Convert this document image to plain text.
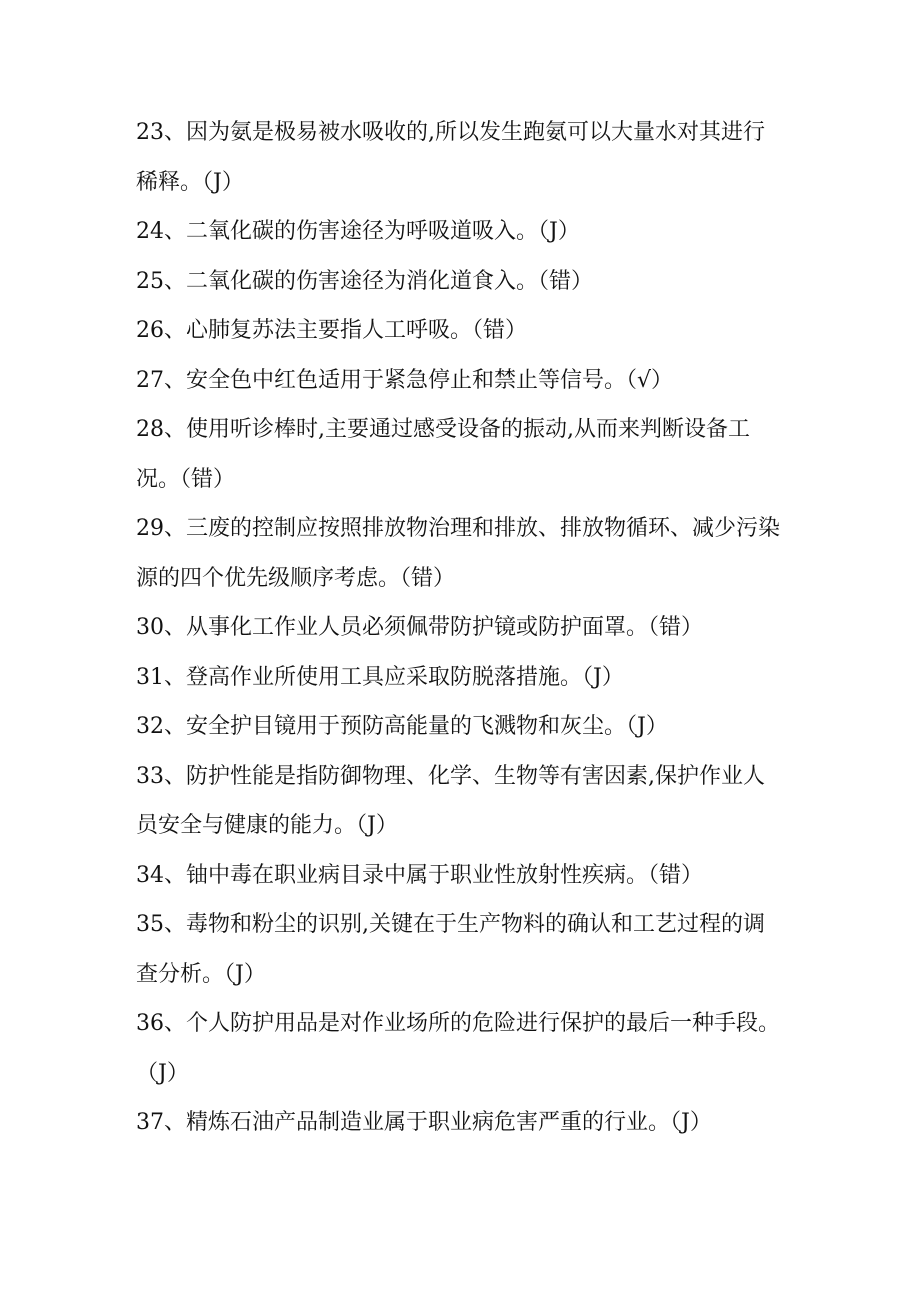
23、因为氨是极易被水吸收的,所以发生跑氨可以大量水对其进行稀释。（J）

24、二氧化碳的伤害途径为呼吸道吸入。（J）

25、二氧化碳的伤害途径为消化道食入。（错）

26、心肺复苏法主要指人工呼吸。（错）

27、安全色中红色适用于紧急停止和禁止等信号。（√）

28、使用听诊棒时,主要通过感受设备的振动,从而来判断设备工况。（错）

29、三废的控制应按照排放物治理和排放、排放物循环、减少污染源的四个优先级顺序考虑。（错）

30、从事化工作业人员必须佩带防护镜或防护面罩。（错）

31、登高作业所使用工具应采取防脱落措施。（J）

32、安全护目镜用于预防高能量的飞溅物和灰尘。（J）

33、防护性能是指防御物理、化学、生物等有害因素,保护作业人员安全与健康的能力。（J）

34、铀中毒在职业病目录中属于职业性放射性疾病。（错）

35、毒物和粉尘的识别,关键在于生产物料的确认和工艺过程的调查分析。（J）

36、个人防护用品是对作业场所的危险进行保护的最后一种手段。（J）

37、精炼石油产品制造业属于职业病危害严重的行业。（J）
